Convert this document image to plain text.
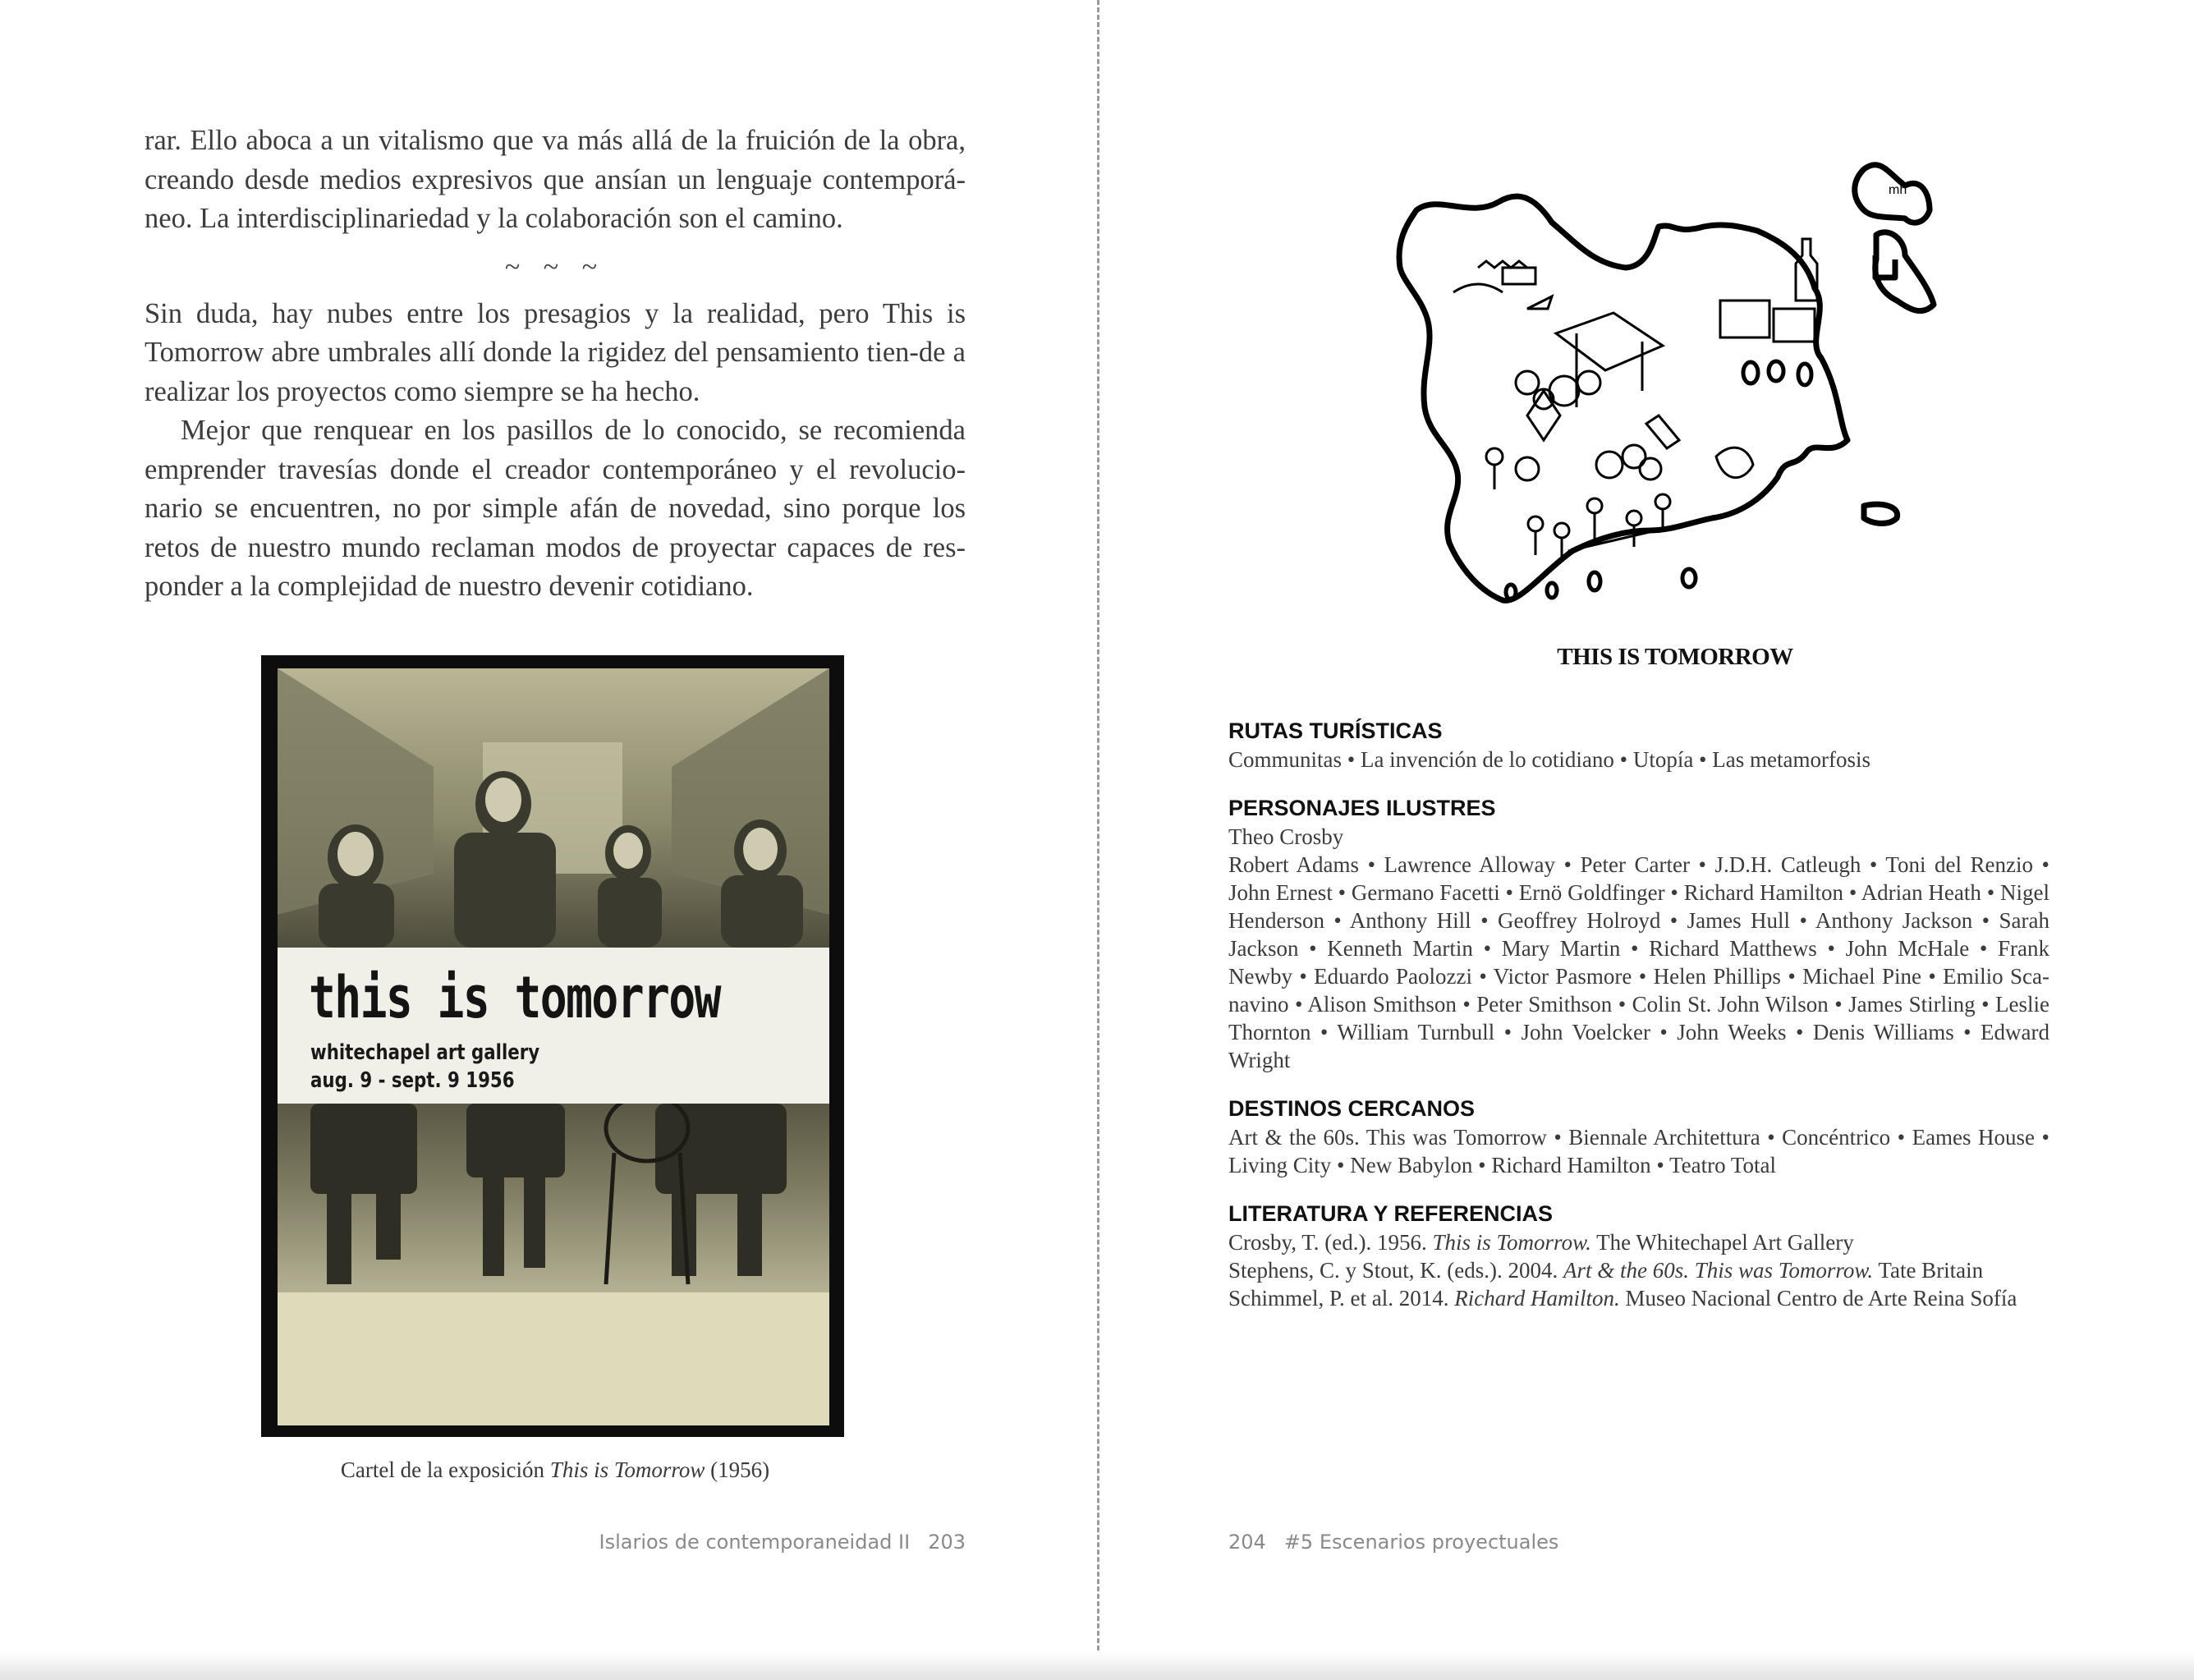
rar. Ello aboca a un vitalismo que va más allá de la fruición de la obra, creando desde medios expresivos que ansían un lenguaje contemporá-neo. La interdisciplinariedad y la colaboración son el camino.

~ ~ ~

Sin duda, hay nubes entre los presagios y la realidad, pero This is Tomorrow abre umbrales allí donde la rigidez del pensamiento tien-de a realizar los proyectos como siempre se ha hecho.

Mejor que renquear en los pasillos de lo conocido, se recomienda emprender travesías donde el creador contemporáneo y el revolucio-nario se encuentren, no por simple afán de novedad, sino porque los retos de nuestro mundo reclaman modos de proyectar capaces de res-ponder a la complejidad de nuestro devenir cotidiano.

this is tomorrow
whitechapel art gallery
aug. 9 - sept. 9 1956
Cartel de la exposición This is Tomorrow (1956)
Islarios de contemporaneidad II 203
mh
THIS IS TOMORROW
RUTAS TURÍSTICAS
Communitas • La invención de lo cotidiano • Utopía • Las metamorfosis
PERSONAJES ILUSTRES
Theo Crosby
Robert Adams • Lawrence Alloway • Peter Carter • J.D.H. Catleugh • Toni del Renzio • John Ernest • Germano Facetti • Ernö Goldfinger • Richard Hamilton • Adrian Heath • Nigel Henderson • Anthony Hill • Geoffrey Holroyd • James Hull • Anthony Jackson • Sarah Jackson • Kenneth Martin • Mary Martin • Richard Matthews • John McHale • Frank Newby • Eduardo Paolozzi • Victor Pasmore • Helen Phillips • Michael Pine • Emilio Sca-navino • Alison Smithson • Peter Smithson • Colin St. John Wilson • James Stirling • Leslie Thornton • William Turnbull • John Voelcker • John Weeks • Denis Williams • Edward Wright
DESTINOS CERCANOS
Art & the 60s. This was Tomorrow • Biennale Architettura • Concéntrico • Eames House • Living City • New Babylon • Richard Hamilton • Teatro Total
LITERATURA Y REFERENCIAS
Crosby, T. (ed.). 1956. This is Tomorrow. The Whitechapel Art Gallery
Stephens, C. y Stout, K. (eds.). 2004. Art & the 60s. This was Tomorrow. Tate Britain
Schimmel, P. et al. 2014. Richard Hamilton. Museo Nacional Centro de Arte Reina Sofía
204 #5 Escenarios proyectuales
